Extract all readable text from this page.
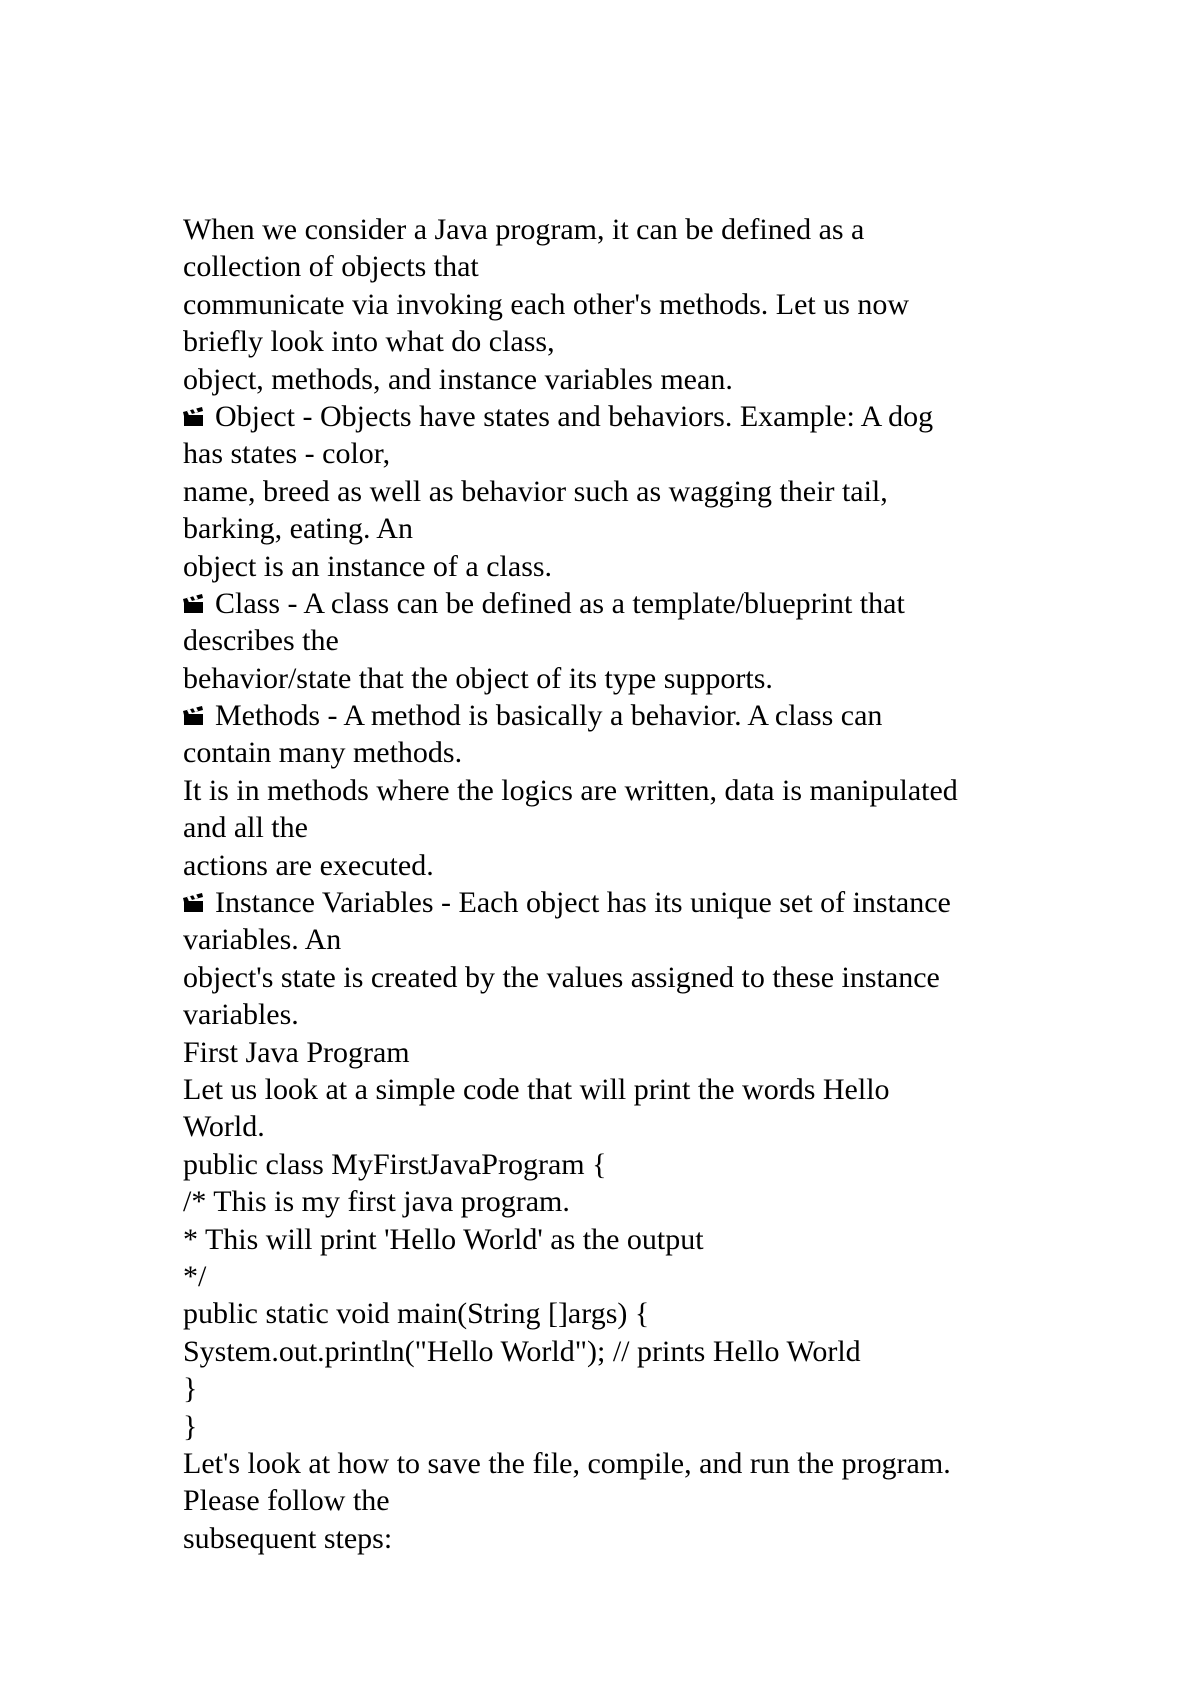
When we consider a Java program, it can be defined as a
collection of objects that
communicate via invoking each other's methods. Let us now
briefly look into what do class,
object, methods, and instance variables mean.
Object - Objects have states and behaviors. Example: A dog
has states - color,
name, breed as well as behavior such as wagging their tail,
barking, eating. An
object is an instance of a class.
Class - A class can be defined as a template/blueprint that
describes the
behavior/state that the object of its type supports.
Methods - A method is basically a behavior. A class can
contain many methods.
It is in methods where the logics are written, data is manipulated
and all the
actions are executed.
Instance Variables - Each object has its unique set of instance
variables. An
object's state is created by the values assigned to these instance
variables.
First Java Program
Let us look at a simple code that will print the words Hello
World.
public class MyFirstJavaProgram {
/* This is my first java program.
* This will print 'Hello World' as the output
*/
public static void main(String []args) {
System.out.println("Hello World"); // prints Hello World
}
}
Let's look at how to save the file, compile, and run the program.
Please follow the
subsequent steps:
